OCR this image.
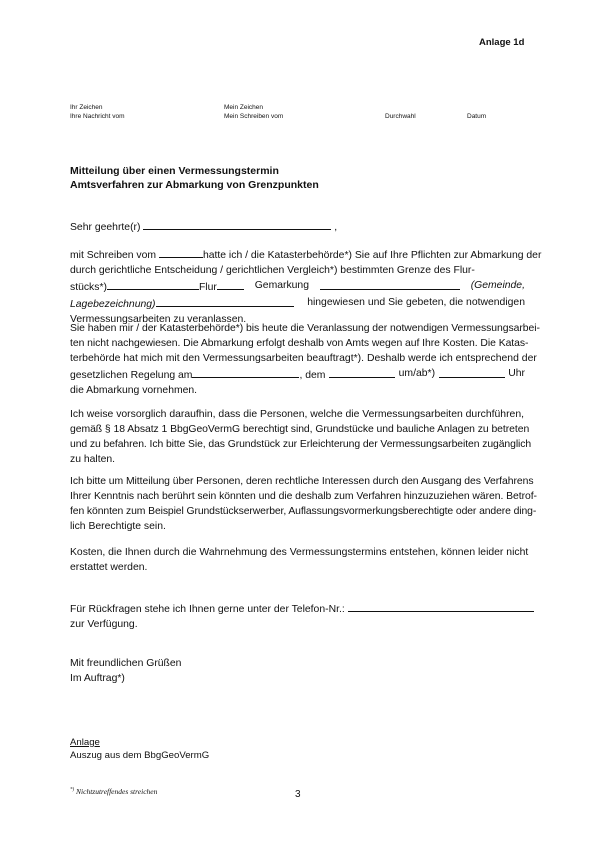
Anlage 1d
Ihr Zeichen
Ihre Nachricht vom
Mein Zeichen
Mein Schreiben vom	Durchwahl	Datum
Mitteilung über einen Vermessungstermin
Amtsverfahren zur Abmarkung von Grenzpunkten
Sehr geehrte(r)	,
mit Schreiben vom	hatte ich / die Katasterbehörde*) Sie auf Ihre Pflichten zur Abmarkung der
durch gerichtliche Entscheidung / gerichtlichen Vergleich*) bestimmten Grenze des Flur-
stücks*)	Flur	Gemarkung	(Gemeinde,
Lagebezeichnung)	hingewiesen und Sie gebeten, die notwendigen
Vermessungsarbeiten zu veranlassen.
Sie haben mir / der Katasterbehörde*) bis heute die Veranlassung der notwendigen Vermessungsarbei-
ten nicht nachgewiesen. Die Abmarkung erfolgt deshalb von Amts wegen auf Ihre Kosten. Die Katas-
terbehörde hat mich mit den Vermessungsarbeiten beauftragt*). Deshalb werde ich entsprechend der
gesetzlichen Regelung am	, dem	um/ab*)	Uhr
die Abmarkung vornehmen.
Ich weise vorsorglich daraufhin, dass die Personen, welche die Vermessungsarbeiten durchführen,
gemäß § 18 Absatz 1 BbgGeoVermG berechtigt sind, Grundstücke und bauliche Anlagen zu betreten
und zu befahren. Ich bitte Sie, das Grundstück zur Erleichterung der Vermessungsarbeiten zugänglich
zu halten.
Ich bitte um Mitteilung über Personen, deren rechtliche Interessen durch den Ausgang des Verfahrens
Ihrer Kenntnis nach berührt sein könnten und die deshalb zum Verfahren hinzuzuziehen wären. Betrof-
fen könnten zum Beispiel Grundstückserwerber, Auflassungsvormerkungsberechtigte oder andere ding-
lich Berechtigte sein.
Kosten, die Ihnen durch die Wahrnehmung des Vermessungstermins entstehen, können leider nicht
erstattet werden.
Für Rückfragen stehe ich Ihnen gerne unter der Telefon-Nr.:
zur Verfügung.
Mit freundlichen Grüßen
Im Auftrag*)
Anlage
Auszug aus dem BbgGeoVermG
*) Nichtzutreffendes streichen	3
